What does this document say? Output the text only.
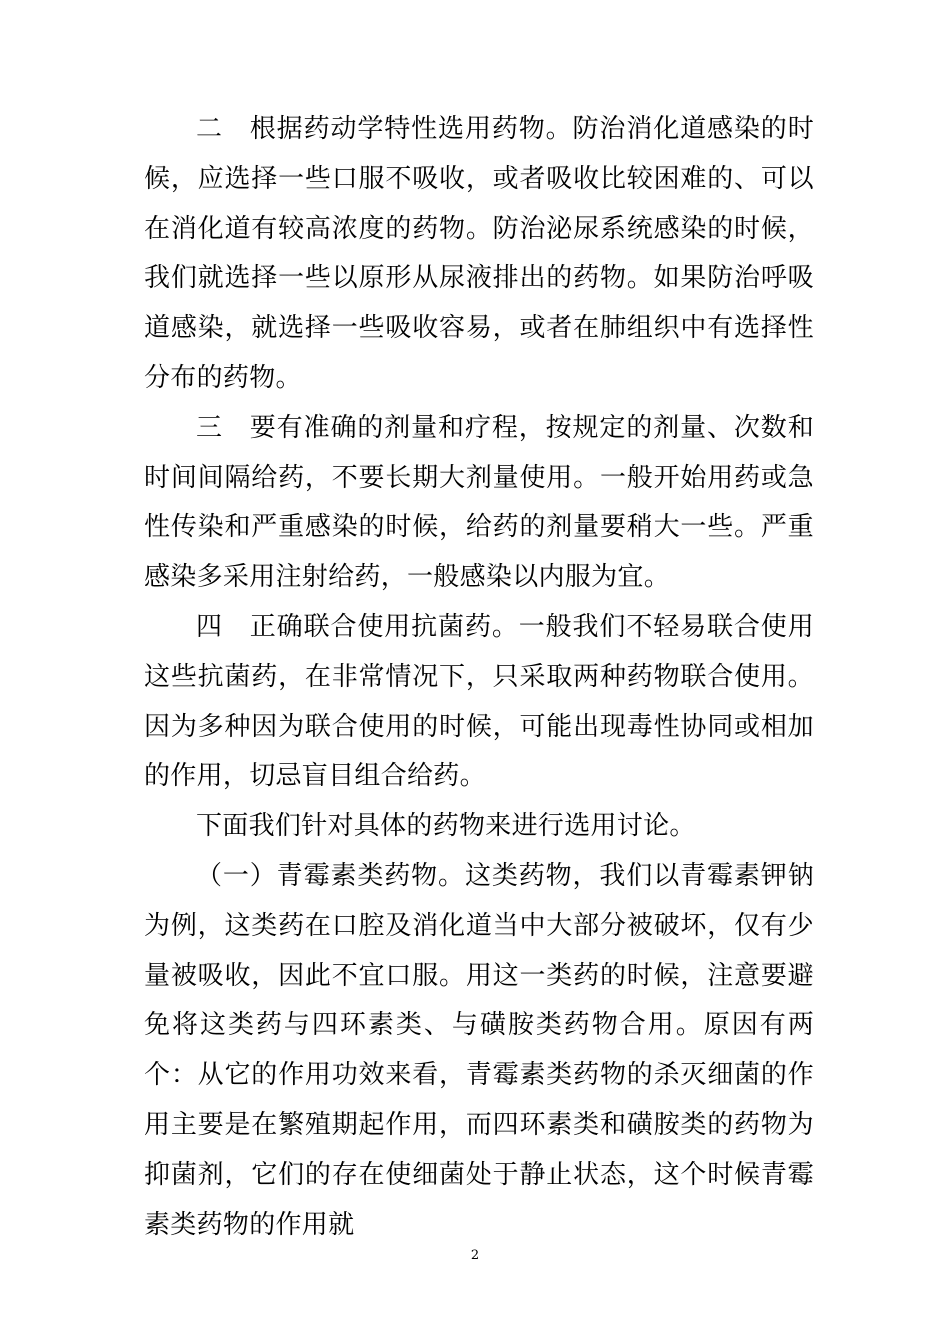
二　根据药动学特性选用药物。防治消化道感染的时候，应选择一些口服不吸收，或者吸收比较困难的、可以在消化道有较高浓度的药物。防治泌尿系统感染的时候，我们就选择一些以原形从尿液排出的药物。如果防治呼吸道感染，就选择一些吸收容易，或者在肺组织中有选择性分布的药物。

三　要有准确的剂量和疗程，按规定的剂量、次数和时间间隔给药，不要长期大剂量使用。一般开始用药或急性传染和严重感染的时候，给药的剂量要稍大一些。严重感染多采用注射给药，一般感染以内服为宜。

四　正确联合使用抗菌药。一般我们不轻易联合使用这些抗菌药，在非常情况下，只采取两种药物联合使用。因为多种因为联合使用的时候，可能出现毒性协同或相加的作用，切忌盲目组合给药。

下面我们针对具体的药物来进行选用讨论。

（一）青霉素类药物。这类药物，我们以青霉素钾钠为例，这类药在口腔及消化道当中大部分被破坏，仅有少量被吸收，因此不宜口服。用这一类药的时候，注意要避免将这类药与四环素类、与磺胺类药物合用。原因有两个：从它的作用功效来看，青霉素类药物的杀灭细菌的作用主要是在繁殖期起作用，而四环素类和磺胺类的药物为抑菌剂，它们的存在使细菌处于静止状态，这个时候青霉素类药物的作用就

2
